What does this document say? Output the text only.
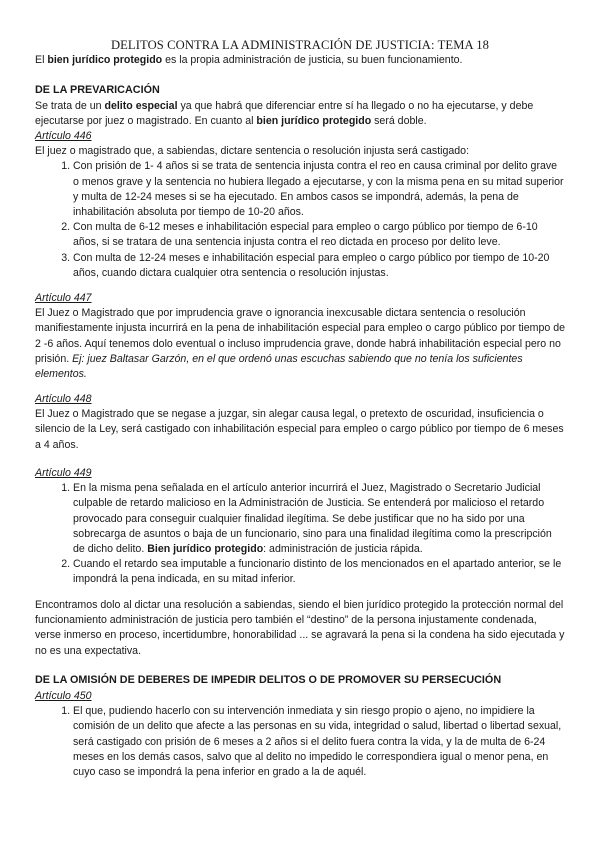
DELITOS CONTRA LA ADMINISTRACIÓN DE JUSTICIA: TEMA 18

El bien jurídico protegido es la propia administración de justicia, su buen funcionamiento.

DE LA PREVARICACIÓN

Se trata de un delito especial ya que habrá que diferenciar entre sí ha llegado o no ha ejecutarse, y debe ejecutarse por juez o magistrado. En cuanto al bien jurídico protegido será doble.

Artículo 446

El juez o magistrado que, a sabiendas, dictare sentencia o resolución injusta será castigado:

1. Con prisión de 1- 4 años si se trata de sentencia injusta contra el reo en causa criminal por delito grave o menos grave y la sentencia no hubiera llegado a ejecutarse, y con la misma pena en su mitad superior y multa de 12-24 meses si se ha ejecutado. En ambos casos se impondrá, además, la pena de inhabilitación absoluta por tiempo de 10-20 años.
2. Con multa de 6-12 meses e inhabilitación especial para empleo o cargo público por tiempo de 6-10 años, si se tratara de una sentencia injusta contra el reo dictada en proceso por delito leve.
3. Con multa de 12-24 meses e inhabilitación especial para empleo o cargo público por tiempo de 10-20 años, cuando dictara cualquier otra sentencia o resolución injustas.

Artículo 447

El Juez o Magistrado que por imprudencia grave o ignorancia inexcusable dictara sentencia o resolución manifiestamente injusta incurrirá en la pena de inhabilitación especial para empleo o cargo público por tiempo de 2 -6 años. Aquí tenemos dolo eventual o incluso imprudencia grave, donde habrá inhabilitación especial pero no prisión. Ej: juez Baltasar Garzón, en el que ordenó unas escuchas sabiendo que no tenía los suficientes elementos.

Artículo 448

El Juez o Magistrado que se negase a juzgar, sin alegar causa legal, o pretexto de oscuridad, insuficiencia o silencio de la Ley, será castigado con inhabilitación especial para empleo o cargo público por tiempo de 6 meses a 4 años.

Artículo 449

1. En la misma pena señalada en el artículo anterior incurrirá el Juez, Magistrado o Secretario Judicial culpable de retardo malicioso en la Administración de Justicia. Se entenderá por malicioso el retardo provocado para conseguir cualquier finalidad ilegítima. Se debe justificar que no ha sido por una sobrecarga de asuntos o baja de un funcionario, sino para una finalidad ilegítima como la prescripción de dicho delito. Bien jurídico protegido: administración de justicia rápida.
2. Cuando el retardo sea imputable a funcionario distinto de los mencionados en el apartado anterior, se le impondrá la pena indicada, en su mitad inferior.

Encontramos dolo al dictar una resolución a sabiendas, siendo el bien jurídico protegido la protección normal del funcionamiento administración de justicia pero también el “destino” de la persona injustamente condenada, verse inmerso en proceso, incertidumbre, honorabilidad ... se agravará la pena si la condena ha sido ejecutada y no es una expectativa.

DE LA OMISIÓN DE DEBERES DE IMPEDIR DELITOS O DE PROMOVER SU PERSECUCIÓN

Artículo 450

1. El que, pudiendo hacerlo con su intervención inmediata y sin riesgo propio o ajeno, no impidiere la comisión de un delito que afecte a las personas en su vida, integridad o salud, libertad o libertad sexual, será castigado con prisión de 6 meses a 2 años si el delito fuera contra la vida, y la de multa de 6-24 meses en los demás casos, salvo que al delito no impedido le correspondiera igual o menor pena, en cuyo caso se impondrá la pena inferior en grado a la de aquél.
